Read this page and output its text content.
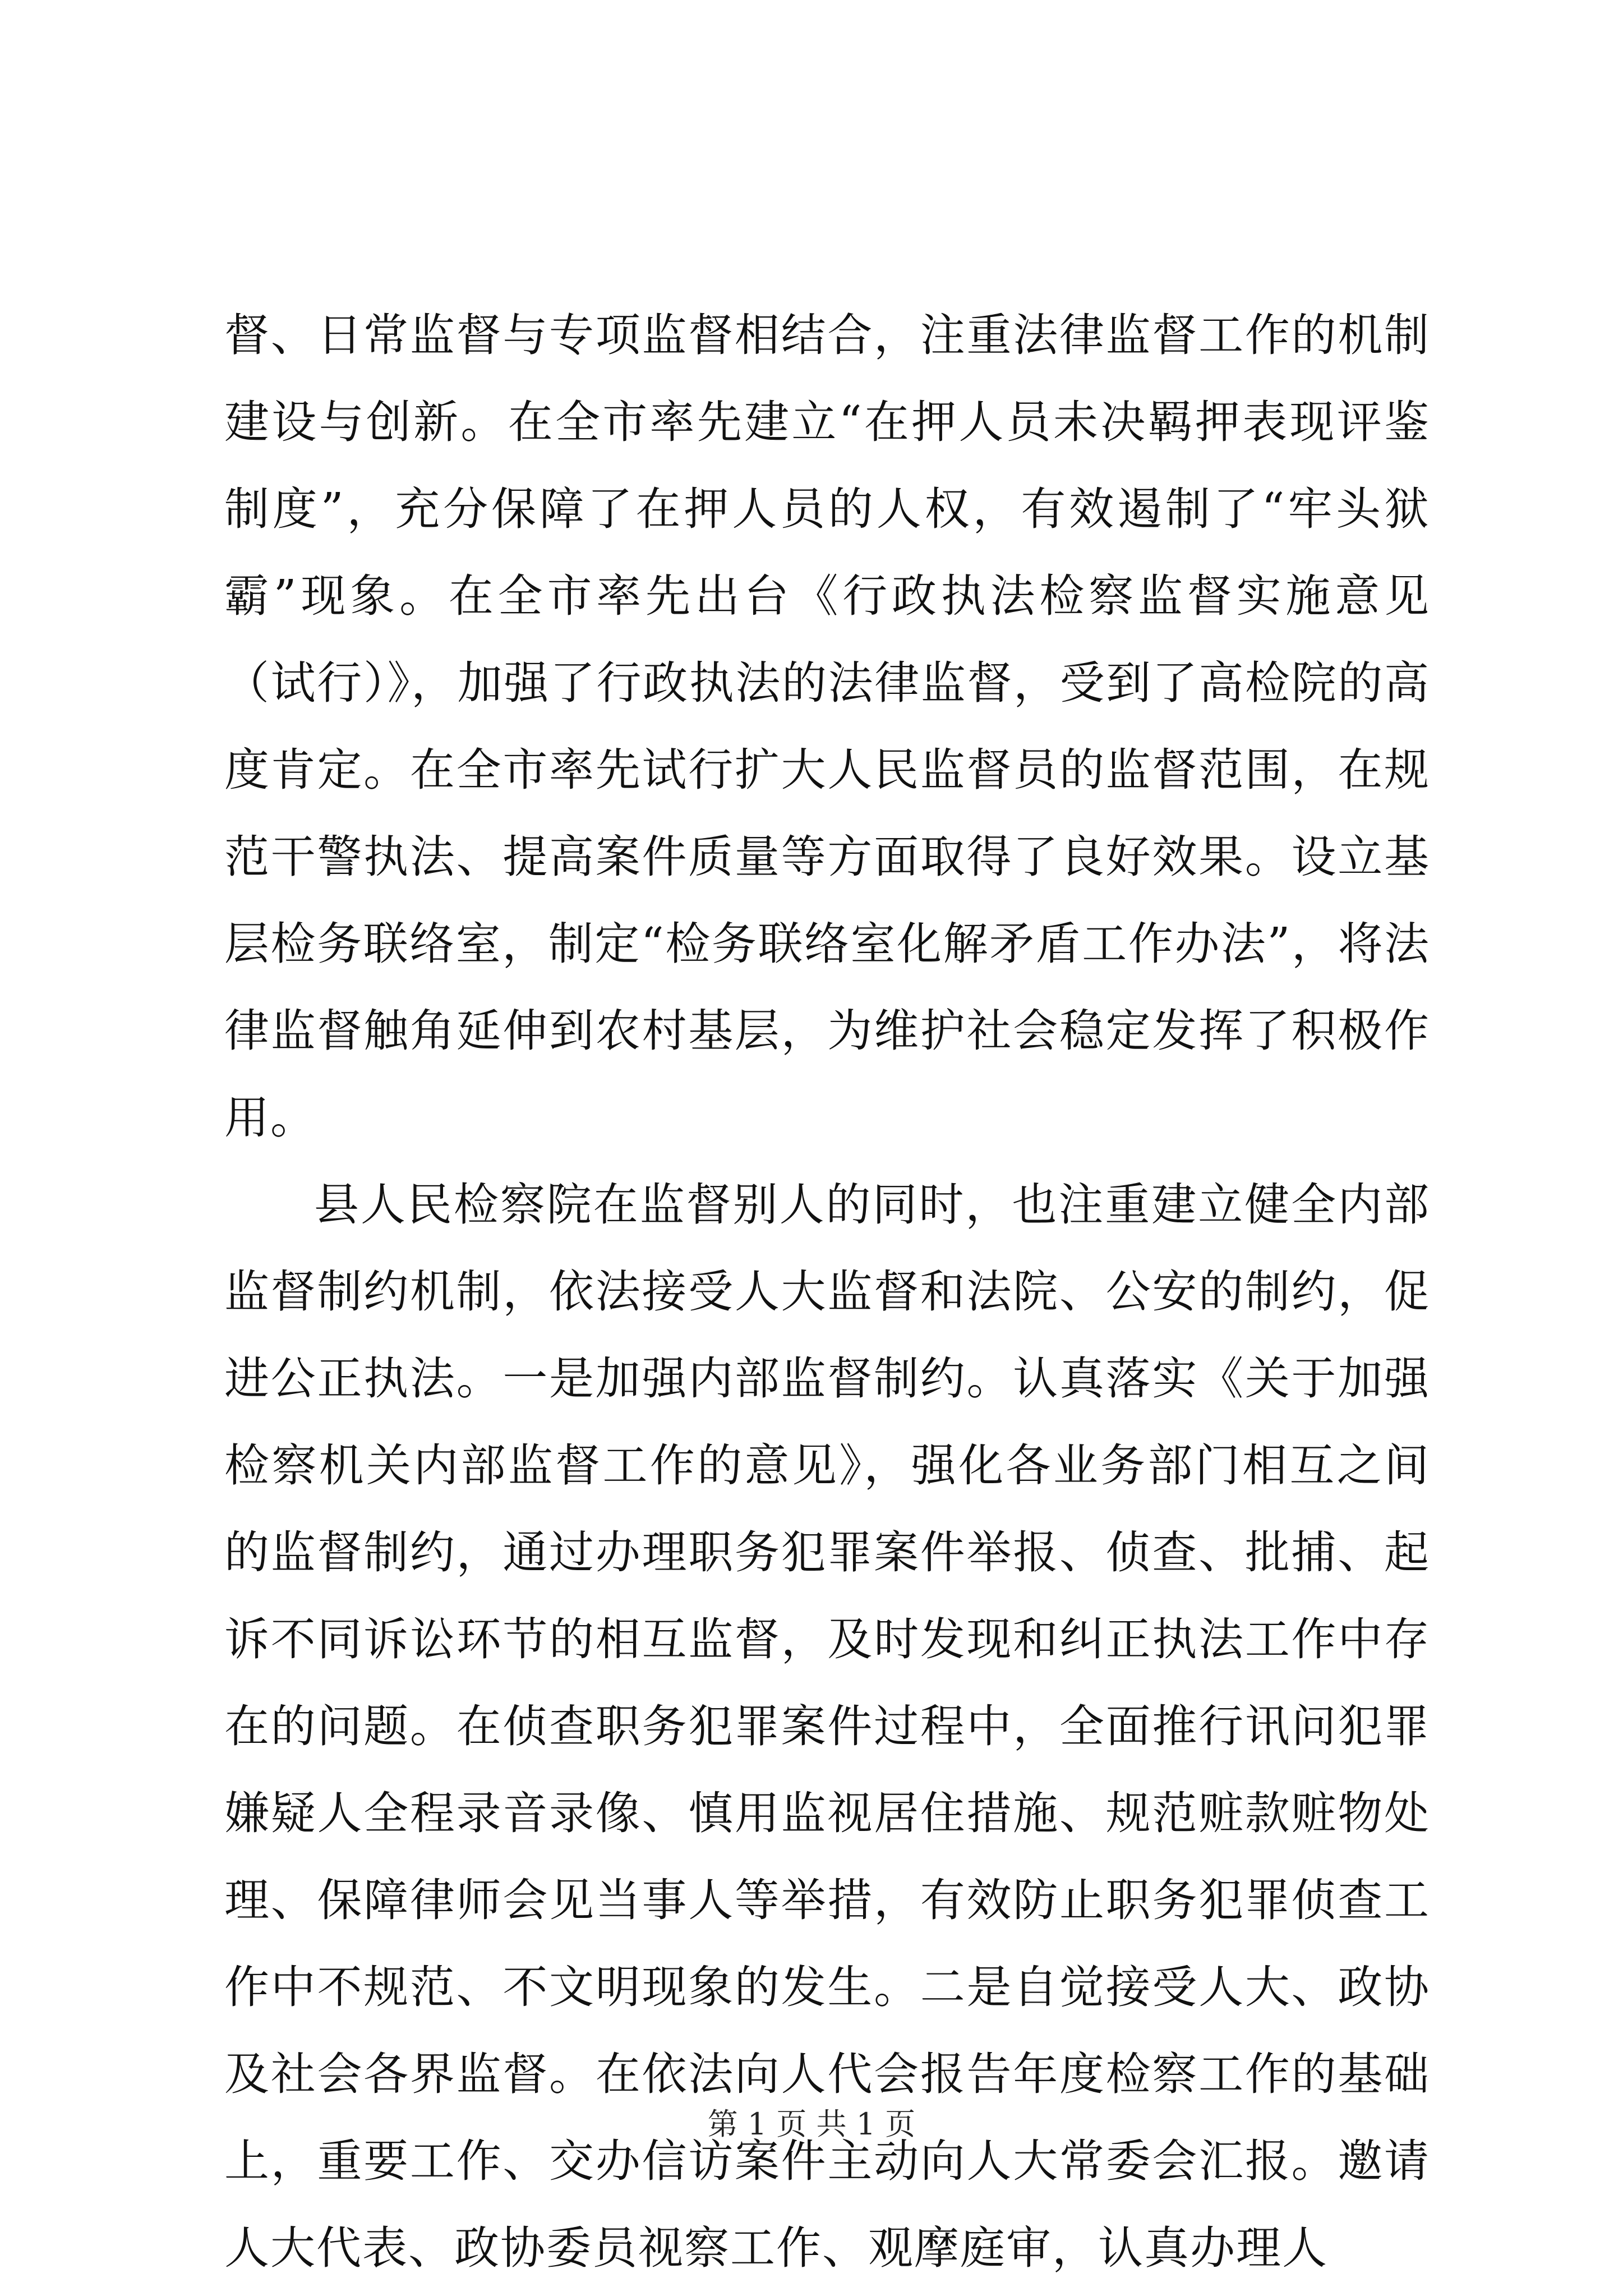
督、日常监督与专项监督相结合，注重法律监督工作的机制建设与创新。在全市率先建立“在押人员未决羁押表现评鉴制度”，充分保障了在押人员的人权，有效遏制了“牢头狱霸”现象。在全市率先出台《行政执法检察监督实施意见（试行）》，加强了行政执法的法律监督，受到了高检院的高度肯定。在全市率先试行扩大人民监督员的监督范围，在规范干警执法、提高案件质量等方面取得了良好效果。设立基层检务联络室，制定“检务联络室化解矛盾工作办法”，将法律监督触角延伸到农村基层，为维护社会稳定发挥了积极作用。

县人民检察院在监督别人的同时，也注重建立健全内部监督制约机制，依法接受人大监督和法院、公安的制约，促进公正执法。一是加强内部监督制约。认真落实《关于加强检察机关内部监督工作的意见》，强化各业务部门相互之间的监督制约，通过办理职务犯罪案件举报、侦查、批捕、起诉不同诉讼环节的相互监督，及时发现和纠正执法工作中存在的问题。在侦查职务犯罪案件过程中，全面推行讯问犯罪嫌疑人全程录音录像、慎用监视居住措施、规范赃款赃物处理、保障律师会见当事人等举措，有效防止职务犯罪侦查工作中不规范、不文明现象的发生。二是自觉接受人大、政协及社会各界监督。在依法向人代会报告年度检察工作的基础上，重要工作、交办信访案件主动向人大常委会汇报。邀请人大代表、政协委员视察工作、观摩庭审，认真办理人

第 1 页 共 1 页
